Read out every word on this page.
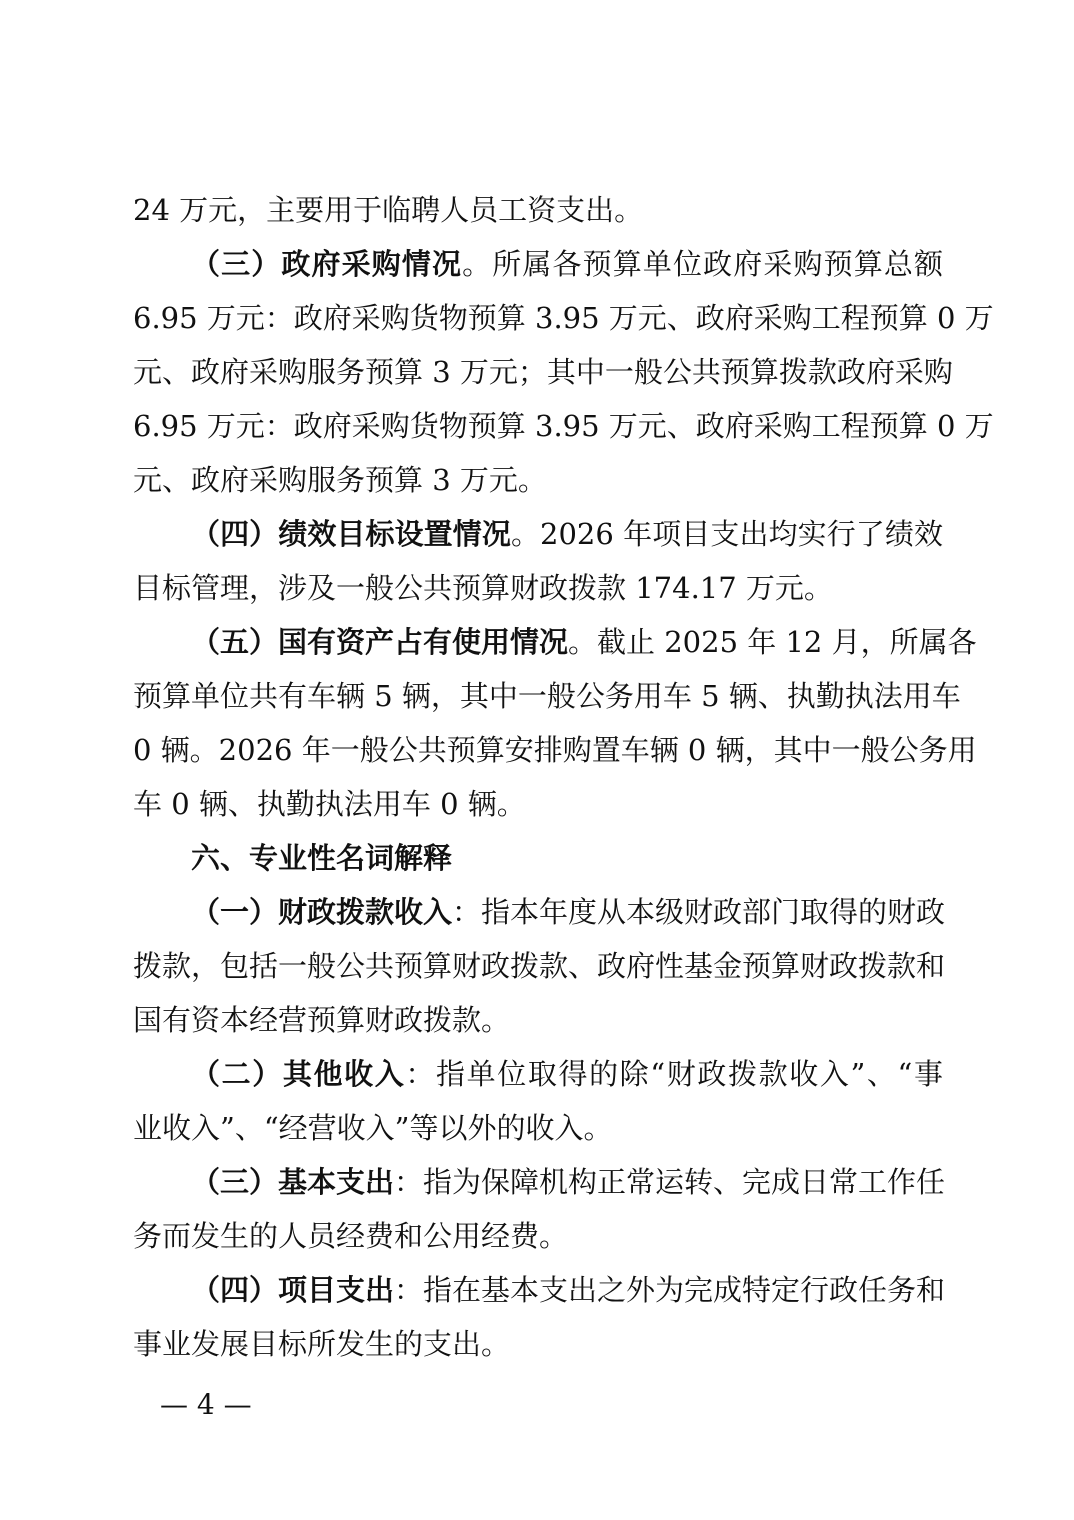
24 万元，主要用于临聘人员工资支出。
（三）政府采购情况。所属各预算单位政府采购预算总额
6.95 万元：政府采购货物预算 3.95 万元、政府采购工程预算 0 万
元、政府采购服务预算 3 万元；其中一般公共预算拨款政府采购
6.95 万元：政府采购货物预算 3.95 万元、政府采购工程预算 0 万
元、政府采购服务预算 3 万元。
（四）绩效目标设置情况。2026 年项目支出均实行了绩效
目标管理，涉及一般公共预算财政拨款 174.17 万元。
（五）国有资产占有使用情况。截止 2025 年 12 月，所属各
预算单位共有车辆 5 辆，其中一般公务用车 5 辆、执勤执法用车
0 辆。2026 年一般公共预算安排购置车辆 0 辆，其中一般公务用
车 0 辆、执勤执法用车 0 辆。
六、专业性名词解释
（一）财政拨款收入：指本年度从本级财政部门取得的财政
拨款，包括一般公共预算财政拨款、政府性基金预算财政拨款和
国有资本经营预算财政拨款。
（二）其他收入：指单位取得的除“财政拨款收入”、“事
业收入”、“经营收入”等以外的收入。
（三）基本支出：指为保障机构正常运转、完成日常工作任
务而发生的人员经费和公用经费。
（四）项目支出：指在基本支出之外为完成特定行政任务和
事业发展目标所发生的支出。
— 4 —
